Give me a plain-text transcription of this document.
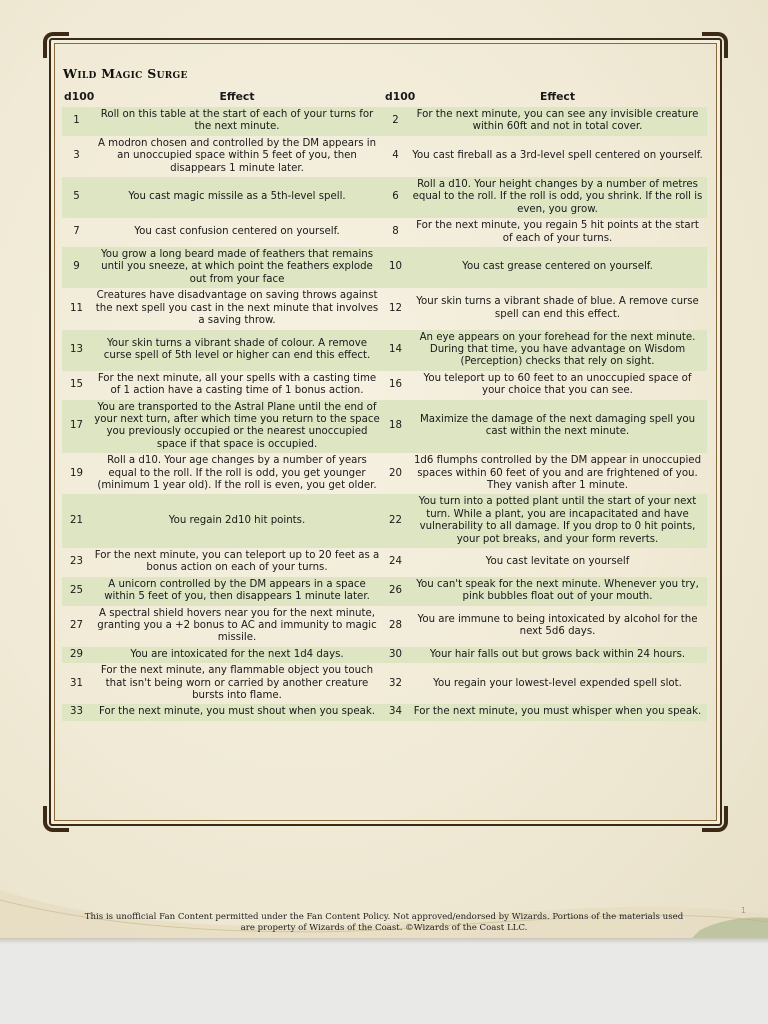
Wild Magic Surge
d100	Effect	d100	Effect
1	Roll on this table at the start of each of your turns for the next minute.	2	For the next minute, you can see any invisible creature within 60ft and not in total cover.
3	A modron chosen and controlled by the DM appears in an unoccupied space within 5 feet of you, then disappears 1 minute later.	4	You cast fireball as a 3rd-level spell centered on yourself.
5	You cast magic missile as a 5th-level spell.	6	Roll a d10. Your height changes by a number of metres equal to the roll. If the roll is odd, you shrink. If the roll is even, you grow.
7	You cast confusion centered on yourself.	8	For the next minute, you regain 5 hit points at the start of each of your turns.
9	You grow a long beard made of feathers that remains until you sneeze, at which point the feathers explode out from your face	10	You cast grease centered on yourself.
11	Creatures have disadvantage on saving throws against the next spell you cast in the next minute that involves a saving throw.	12	Your skin turns a vibrant shade of blue. A remove curse spell can end this effect.
13	Your skin turns a vibrant shade of colour. A remove curse spell of 5th level or higher can end this effect.	14	An eye appears on your forehead for the next minute. During that time, you have advantage on Wisdom (Perception) checks that rely on sight.
15	For the next minute, all your spells with a casting time of 1 action have a casting time of 1 bonus action.	16	You teleport up to 60 feet to an unoccupied space of your choice that you can see.
17	You are transported to the Astral Plane until the end of your next turn, after which time you return to the space you previously occupied or the nearest unoccupied space if that space is occupied.	18	Maximize the damage of the next damaging spell you cast within the next minute.
19	Roll a d10. Your age changes by a number of years equal to the roll. If the roll is odd, you get younger (minimum 1 year old). If the roll is even, you get older.	20	1d6 flumphs controlled by the DM appear in unoccupied spaces within 60 feet of you and are frightened of you. They vanish after 1 minute.
21	You regain 2d10 hit points.	22	You turn into a potted plant until the start of your next turn. While a plant, you are incapacitated and have vulnerability to all damage. If you drop to 0 hit points, your pot breaks, and your form reverts.
23	For the next minute, you can teleport up to 20 feet as a bonus action on each of your turns.	24	You cast levitate on yourself
25	A unicorn controlled by the DM appears in a space within 5 feet of you, then disappears 1 minute later.	26	You can't speak for the next minute. Whenever you try, pink bubbles float out of your mouth.
27	A spectral shield hovers near you for the next minute, granting you a +2 bonus to AC and immunity to magic missile.	28	You are immune to being intoxicated by alcohol for the next 5d6 days.
29	You are intoxicated for the next 1d4 days.	30	Your hair falls out but grows back within 24 hours.
31	For the next minute, any flammable object you touch that isn't being worn or carried by another creature bursts into flame.	32	You regain your lowest-level expended spell slot.
33	For the next minute, you must shout when you speak.	34	For the next minute, you must whisper when you speak.
1
This is unofficial Fan Content permitted under the Fan Content Policy. Not approved/endorsed by Wizards. Portions of the materials used
are property of Wizards of the Coast. ©Wizards of the Coast LLC.
